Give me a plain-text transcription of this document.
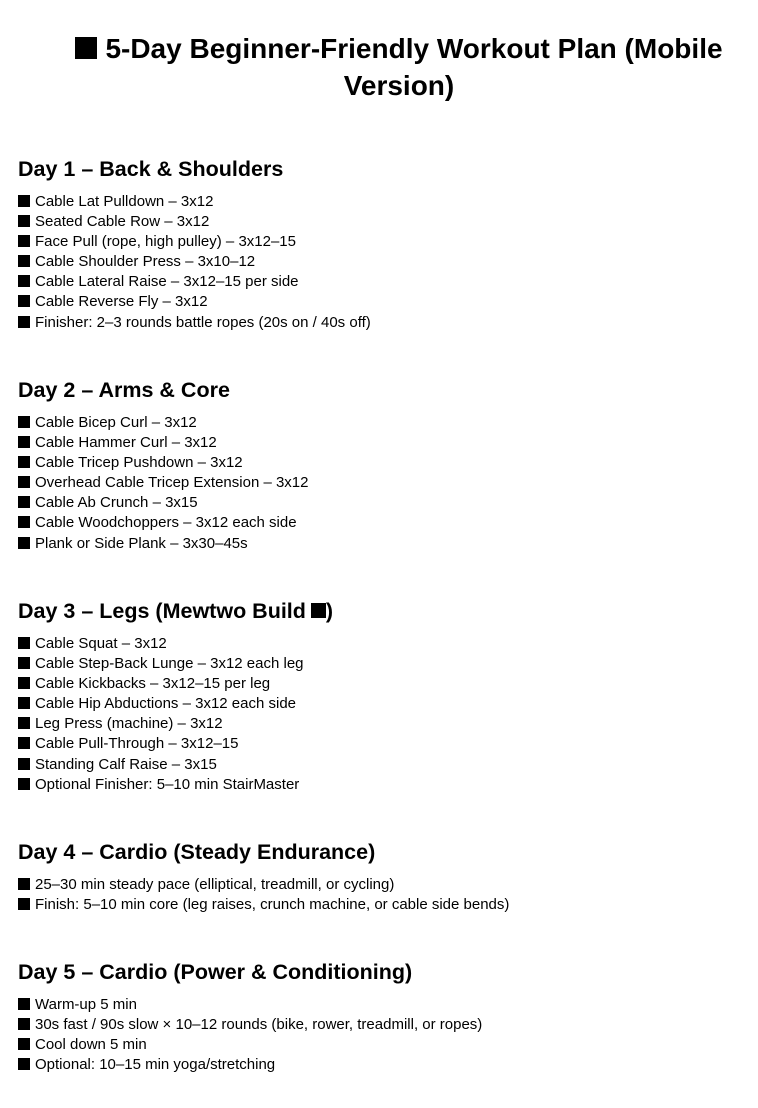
5-Day Beginner-Friendly Workout Plan (Mobile Version)
Day 1 – Back & Shoulders
Cable Lat Pulldown – 3x12
Seated Cable Row – 3x12
Face Pull (rope, high pulley) – 3x12–15
Cable Shoulder Press – 3x10–12
Cable Lateral Raise – 3x12–15 per side
Cable Reverse Fly – 3x12
Finisher: 2–3 rounds battle ropes (20s on / 40s off)
Day 2 – Arms & Core
Cable Bicep Curl – 3x12
Cable Hammer Curl – 3x12
Cable Tricep Pushdown – 3x12
Overhead Cable Tricep Extension – 3x12
Cable Ab Crunch – 3x15
Cable Woodchoppers – 3x12 each side
Plank or Side Plank – 3x30–45s
Day 3 – Legs (Mewtwo Build )
Cable Squat – 3x12
Cable Step-Back Lunge – 3x12 each leg
Cable Kickbacks – 3x12–15 per leg
Cable Hip Abductions – 3x12 each side
Leg Press (machine) – 3x12
Cable Pull-Through – 3x12–15
Standing Calf Raise – 3x15
Optional Finisher: 5–10 min StairMaster
Day 4 – Cardio (Steady Endurance)
25–30 min steady pace (elliptical, treadmill, or cycling)
Finish: 5–10 min core (leg raises, crunch machine, or cable side bends)
Day 5 – Cardio (Power & Conditioning)
Warm-up 5 min
30s fast / 90s slow × 10–12 rounds (bike, rower, treadmill, or ropes)
Cool down 5 min
Optional: 10–15 min yoga/stretching
